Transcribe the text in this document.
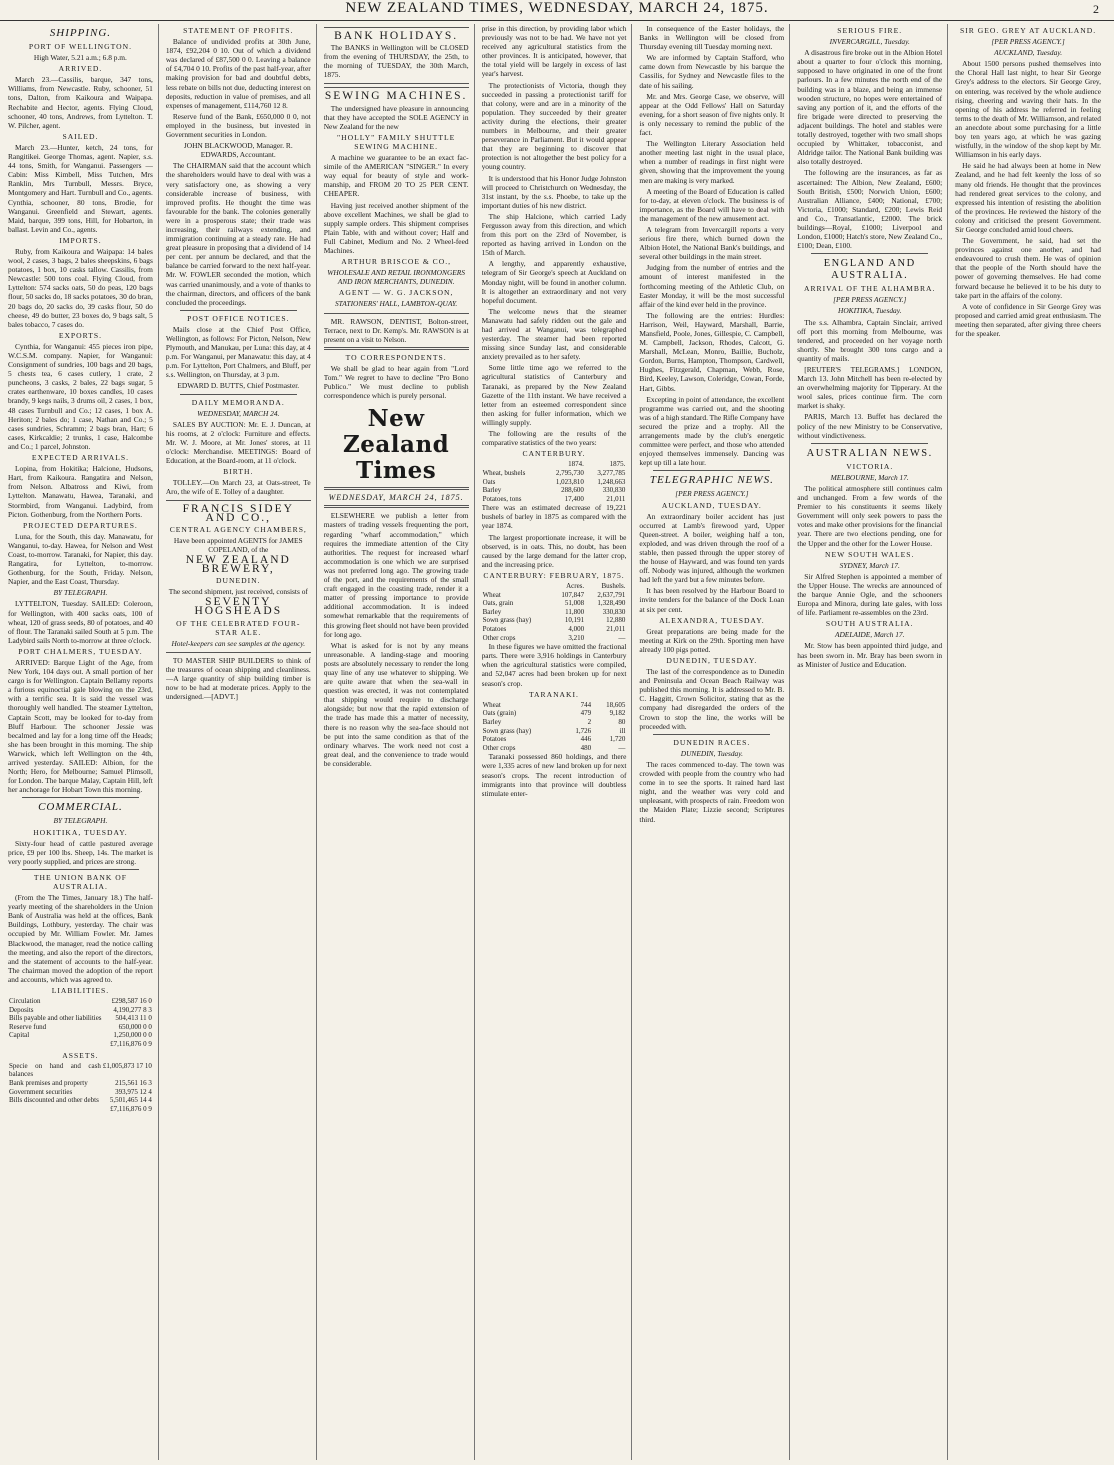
NEW ZEALAND TIMES, WEDNESDAY, MARCH 24, 1875.	2
SHIPPING.
PORT OF WELLINGTON.

High Water, 5.21 a.m.; 6.8 p.m.

ARRIVED.

March 23.—Cassilis, barque, 347 tons, Williams, from Newcastle. Ruby, schooner, 51 tons, Dalton, from Kaikoura and Waipapa. Rechabite and Hector, agents. Flying Cloud, schooner, 40 tons, Andrews, from Lyttelton. T. W. Pilcher, agent.

SAILED.

March 23.—Hunter, ketch, 24 tons, for Rangitikei. George Thomas, agent. Napier, s.s. 44 tons, Smith, for Wanganui. Passengers — Cabin: Miss Kimbell, Miss Tutchen, Mrs Ranklin, Mrs Turnbull, Messrs. Bryce, Montgomery and Hart. Turnbull and Co., agents. Cynthia, schooner, 80 tons, Brodie, for Wanganui. Greenfield and Stewart, agents. Maid, barque, 399 tons, Hill, for Hobarton, in ballast. Levin and Co., agents.

IMPORTS.

Ruby, from Kaikoura and Waipapa: 14 bales wool, 2 cases, 3 bags, 2 bales sheepskins, 6 bags potatoes, 1 box, 10 casks tallow. Cassilis, from Newcastle: 500 tons coal. Flying Cloud, from Lyttelton: 574 sacks oats, 50 do peas, 120 bags flour, 50 sacks do, 18 sacks potatoes, 30 do bran, 20 bags do, 20 sacks do, 39 casks flour, 50 do cheese, 49 do butter, 23 boxes do, 9 bags salt, 5 bales tobacco, 7 cases do.

EXPORTS.

Cynthia, for Wanganui: 455 pieces iron pipe, W.C.S.M. company. Napier, for Wanganui: Consignment of sundries, 100 bags and 20 bags, 5 chests tea, 6 cases cutlery, 1 crate, 2 puncheons, 3 casks, 2 bales, 22 bags sugar, 5 crates earthenware, 10 boxes candles, 10 cases brandy, 9 kegs nails, 3 drums oil, 2 cases, 1 box, 48 cases Turnbull and Co.; 12 cases, 1 box A. Heriton; 2 bales do; 1 case, Nathan and Co.; 5 cases sundries, Schramm; 2 bags bran, Hart; 6 cases, Kirkcaldie; 2 trunks, 1 case, Halcombe and Co.; 1 parcel, Johnston.

EXPECTED ARRIVALS.

Lopina, from Hokitika; Halcione, Hudsons, Hart, from Kaikoura. Rangatira and Nelson, from Nelson. Albatross and Kiwi, from Lyttelton. Manawatu, Hawea, Taranaki, and Stormbird, from Wanganui. Ladybird, from Picton. Gothenburg, from the Northern Ports.

PROJECTED DEPARTURES.

Luna, for the South, this day. Manawatu, for Wanganui, to-day. Hawea, for Nelson and West Coast, to-morrow. Taranaki, for Napier, this day. Rangatira, for Lyttelton, to-morrow. Gothenburg, for the South, Friday. Nelson, Napier, and the East Coast, Thursday.

BY TELEGRAPH.

LYTTELTON, Tuesday. SAILED: Coleroon, for Wellington, with 400 sacks oats, 100 of wheat, 120 of grass seeds, 80 of potatoes, and 40 of flour. The Taranaki sailed South at 5 p.m. The Ladybird sails North to-morrow at three o'clock.

PORT CHALMERS, TUESDAY.

ARRIVED: Barque Light of the Age, from New York, 104 days out. A small portion of her cargo is for Wellington. Captain Bellamy reports a furious equinoctial gale blowing on the 23rd, with a terrific sea. It is said the vessel was thoroughly well handled. The steamer Lyttelton, Captain Scott, may be looked for to-day from Bluff Harbour. The schooner Jessie was becalmed and lay for a long time off the Heads; she has been brought in this morning. The ship Warwick, which left Wellington on the 4th, arrived yesterday. SAILED: Albion, for the North; Hero, for Melbourne; Samuel Plimsoll, for London. The barque Malay, Captain Hill, left her anchorage for Hobart Town this morning.

COMMERCIAL.
BY TELEGRAPH.
HOKITIKA, TUESDAY.

Sixty-four head of cattle pastured average price, £9 per 100 lbs. Sheep, 14s. The market is very poorly supplied, and prices are strong.

THE UNION BANK OF AUSTRALIA.

(From the The Times, January 18.) The half-yearly meeting of the shareholders in the Union Bank of Australia was held at the offices, Bank Buildings, Lothbury, yesterday. The chair was occupied by Mr. William Fowler. Mr. James Blackwood, the manager, read the notice calling the meeting, and also the report of the directors, and the statement of accounts to the half-year. The chairman moved the adoption of the report and accounts, which was agreed to.

LIABILITIES.
Circulation	£298,587 16 0
Deposits	4,190,277 8 3
Bills payable and other liabilities	504,413 11 0
Reserve fund	650,000 0 0
Capital	1,250,000 0 0
	£7,116,876 0 9
ASSETS.
Specie on hand and cash balances	£1,005,873 17 10
Bank premises and property	215,561 16 3
Government securities	393,975 12 4
Bills discounted and other debts	5,501,465 14 4
	£7,116,876 0 9
STATEMENT OF PROFITS.

Balance of undivided profits at 30th June, 1874, £92,204 0 10. Out of which a dividend was declared of £87,500 0 0. Leaving a balance of £4,704 0 10. Profits of the past half-year, after making provision for bad and doubtful debts, less rebate on bills not due, deducting interest on deposits, reduction in value of premises, and all expenses of management, £114,760 12 8.

Reserve fund of the Bank, £650,000 0 0, not employed in the business, but invested in Government securities in London.

JOHN BLACKWOOD, Manager. R. EDWARDS, Accountant.

The CHAIRMAN said that the account which the shareholders would have to deal with was a very satisfactory one, as showing a very considerable increase of business, with improved profits. He thought the time was favourable for the bank. The colonies generally were in a prosperous state; their trade was increasing, their railways extending, and immigration continuing at a steady rate. He had great pleasure in proposing that a dividend of 14 per cent. per annum be declared, and that the balance be carried forward to the next half-year. Mr. W. FOWLER seconded the motion, which was carried unanimously, and a vote of thanks to the chairman, directors, and officers of the bank concluded the proceedings.

POST OFFICE NOTICES.

Mails close at the Chief Post Office, Wellington, as follows: For Picton, Nelson, New Plymouth, and Manukau, per Luna: this day, at 4 p.m. For Wanganui, per Manawatu: this day, at 4 p.m. For Lyttelton, Port Chalmers, and Bluff, per s.s. Wellington, on Thursday, at 3 p.m.

EDWARD D. BUTTS, Chief Postmaster.

DAILY MEMORANDA.
WEDNESDAY, MARCH 24.

SALES BY AUCTION: Mr. E. J. Duncan, at his rooms, at 2 o'clock: Furniture and effects. Mr. W. J. Moore, at Mr. Jones' stores, at 11 o'clock: Merchandise. MEETINGS: Board of Education, at the Board-room, at 11 o'clock.

BIRTH.

TOLLEY.—On March 23, at Oats-street, Te Aro, the wife of E. Tolley of a daughter.

FRANCIS SIDEY AND CO.,
CENTRAL AGENCY CHAMBERS,
Have been appointed AGENTS for JAMES COPELAND, of the
NEW ZEALAND BREWERY,
DUNEDIN.
The second shipment, just received, consists of
SEVENTY HOGSHEADS
OF THE CELEBRATED FOUR-STAR ALE.
Hotel-keepers can see samples at the agency.

TO MASTER SHIP BUILDERS to think of the treasures of ocean shipping and cleanliness.—A large quantity of ship building timber is now to be had at moderate prices. Apply to the undersigned.—[ADVT.]

BANK HOLIDAYS.

The BANKS in Wellington will be CLOSED from the evening of THURSDAY, the 25th, to the morning of TUESDAY, the 30th March, 1875.

SEWING MACHINES.

The undersigned have pleasure in announcing that they have accepted the SOLE AGENCY in New Zealand for the new

"HOLLY" FAMILY SHUTTLE SEWING MACHINE.

A machine we guarantee to be an exact fac-simile of the AMERICAN "SINGER." In every way equal for beauty of style and work-manship, and FROM 20 TO 25 PER CENT. CHEAPER.

Having just received another shipment of the above excellent Machines, we shall be glad to supply sample orders. This shipment comprises Plain Table, with and without cover; Half and Full Cabinet, Medium and No. 2 Wheel-feed Machines.

ARTHUR BRISCOE & CO.,
WHOLESALE AND RETAIL IRONMONGERS AND IRON MERCHANTS, DUNEDIN.
AGENT — W. G. JACKSON,
STATIONERS' HALL, LAMBTON-QUAY.

MR. RAWSON, DENTIST, Bolton-street, Terrace, next to Dr. Kemp's. Mr. RAWSON is at present on a visit to Nelson.

TO CORRESPONDENTS.

We shall be glad to hear again from "Lord Tom." We regret to have to decline "Pro Bono Publico." We must decline to publish correspondence which is purely personal.

New Zealand Times
WEDNESDAY, MARCH 24, 1875.

ELSEWHERE we publish a letter from masters of trading vessels frequenting the port, regarding "wharf accommodation," which requires the immediate attention of the City authorities. The request for increased wharf accommodation is one which we are surprised was not preferred long ago. The growing trade of the port, and the requirements of the small craft engaged in the coasting trade, render it a matter of pressing importance to provide additional accommodation. It is indeed somewhat remarkable that the requirements of this growing fleet should not have been provided for long ago.

What is asked for is not by any means unreasonable. A landing-stage and mooring posts are absolutely necessary to render the long quay line of any use whatever to shipping. We are quite aware that when the sea-wall in question was erected, it was not contemplated that shipping would require to discharge alongside; but now that the rapid extension of the trade has made this a matter of necessity, there is no reason why the sea-face should not be put into the same condition as that of the ordinary wharves. The work need not cost a great deal, and the convenience to trade would be considerable.

prise in this direction, by providing labor which previously was not to be had. We have not yet received any agricultural statistics from the other provinces. It is anticipated, however, that the total yield will be largely in excess of last year's harvest.

The protectionists of Victoria, though they succeeded in passing a protectionist tariff for that colony, were and are in a minority of the population. They succeeded by their greater activity during the elections, their greater numbers in Melbourne, and their greater perseverance in Parliament. But it would appear that they are beginning to discover that protection is not altogether the best policy for a young country.

It is understood that his Honor Judge Johnston will proceed to Christchurch on Wednesday, the 31st instant, by the s.s. Phoebe, to take up the important duties of his new district.

The ship Halcione, which carried Lady Fergusson away from this direction, and which from this port on the 23rd of November, is reported as having arrived in London on the 15th of March.

A lengthy, and apparently exhaustive, telegram of Sir George's speech at Auckland on Monday night, will be found in another column. It is altogether an extraordinary and not very hopeful document.

The welcome news that the steamer Manawatu had safely ridden out the gale and had arrived at Wanganui, was telegraphed yesterday. The steamer had been reported missing since Sunday last, and considerable anxiety prevailed as to her safety.

Some little time ago we referred to the agricultural statistics of Canterbury and Taranaki, as prepared by the New Zealand Gazette of the 11th instant. We have received a letter from an esteemed correspondent since then asking for fuller information, which we willingly supply.

The following are the results of the comparative statistics of the two years:

CANTERBURY.
	1874.	1875.
Wheat, bushels	2,795,730	3,277,785
Oats	1,023,810	1,248,663
Barley	288,600	330,830
Potatoes, tons	17,400	21,011

There was an estimated decrease of 19,221 bushels of barley in 1875 as compared with the year 1874.

The largest proportionate increase, it will be observed, is in oats. This, no doubt, has been caused by the large demand for the latter crop, and the increasing price.

CANTERBURY: FEBRUARY, 1875.
	Acres.	Bushels.
Wheat	107,847	2,637,791
Oats, grain	51,008	1,328,490
Barley	11,800	330,830
Sown grass (hay)	10,191	12,880
Potatoes	4,000	21,011
Other crops	3,210	—

In these figures we have omitted the fractional parts. There were 3,916 holdings in Canterbury when the agricultural statistics were compiled, and 52,047 acres had been broken up for next season's crop.

TARANAKI.
Wheat	744	18,605
Oats (grain)	479	9,182
Barley	2	80
Sown grass (hay)	1,726	ill
Potatoes	446	1,720
Other crops	480	—

Taranaki possessed 860 holdings, and there were 1,335 acres of new land broken up for next season's crops. The recent introduction of immigrants into that province will doubtless stimulate enter-

In consequence of the Easter holidays, the Banks in Wellington will be closed from Thursday evening till Tuesday morning next.

We are informed by Captain Stafford, who came down from Newcastle by his barque the Cassilis, for Sydney and Newcastle files to the date of his sailing.

Mr. and Mrs. George Case, we observe, will appear at the Odd Fellows' Hall on Saturday evening, for a short season of five nights only. It is only necessary to remind the public of the fact.

The Wellington Literary Association held another meeting last night in the usual place, when a number of readings in first night were given, showing that the improvement the young men are making is very marked.

A meeting of the Board of Education is called for to-day, at eleven o'clock. The business is of importance, as the Board will have to deal with the management of the new amusement act.

A telegram from Invercargill reports a very serious fire there, which burned down the Albion Hotel, the National Bank's buildings, and several other buildings in the main street.

Judging from the number of entries and the amount of interest manifested in the forthcoming meeting of the Athletic Club, on Easter Monday, it will be the most successful affair of the kind ever held in the province.

The following are the entries: Hurdles: Harrison, Weil, Hayward, Marshall, Barrie, Mansfield, Poole, Jones, Gillespie, C. Campbell, M. Campbell, Jackson, Rhodes, Calcott, G. Marshall, McLean, Monro, Baillie, Bucholz, Gordon, Burns, Hampton, Thompson, Cardwell, Hughes, Fitzgerald, Chapman, Webb, Rose, Bird, Keeley, Lawson, Coleridge, Cowan, Forde, Hart, Gibbs.

Excepting in point of attendance, the excellent programme was carried out, and the shooting was of a high standard. The Rifle Company have secured the prize and a trophy. All the arrangements made by the club's energetic committee were perfect, and those who attended enjoyed themselves immensely. Dancing was kept up till a late hour.

TELEGRAPHIC NEWS.
[PER PRESS AGENCY.]
AUCKLAND, TUESDAY.

An extraordinary boiler accident has just occurred at Lamb's firewood yard, Upper Queen-street. A boiler, weighing half a ton, exploded, and was driven through the roof of a stable, then passed through the upper storey of the house of Hayward, and was found ten yards off. Nobody was injured, although the workmen had left the yard but a few minutes before.

It has been resolved by the Harbour Board to invite tenders for the balance of the Dock Loan at six per cent.

ALEXANDRA, TUESDAY.

Great preparations are being made for the meeting at Kirk on the 29th. Sporting men have already 100 pigs potted.

DUNEDIN, TUESDAY.

The last of the correspondence as to Dunedin and Peninsula and Ocean Beach Railway was published this morning. It is addressed to Mr. B. C. Haggitt, Crown Solicitor, stating that as the company had disregarded the orders of the Crown to stop the line, the works will be proceeded with.

DUNEDIN RACES.
DUNEDIN, Tuesday.

The races commenced to-day. The town was crowded with people from the country who had come in to see the sports. It rained hard last night, and the weather was very cold and unpleasant, with prospects of rain. Freedom won the Maiden Plate; Lizzie second; Scriptures third.

SERIOUS FIRE.
INVERCARGILL, Tuesday.

A disastrous fire broke out in the Albion Hotel about a quarter to four o'clock this morning, supposed to have originated in one of the front parlours. In a few minutes the north end of the building was in a blaze, and being an immense wooden structure, no hopes were entertained of saving any portion of it, and the efforts of the fire brigade were directed to preserving the adjacent buildings. The hotel and stables were totally destroyed, together with two small shops occupied by Whittaker, tobacconist, and Aldridge tailor. The National Bank building was also totally destroyed.

The following are the insurances, as far as ascertained: The Albion, New Zealand, £600; South British, £500; Norwich Union, £600; Australian Alliance, £400; National, £700; Victoria, £1000; Standard, £200; Lewis Reid and Co., Transatlantic, £2000. The brick buildings—Royal, £1000; Liverpool and London, £1000; Hatch's store, New Zealand Co., £100; Dean, £100.

ENGLAND AND AUSTRALIA.
ARRIVAL OF THE ALHAMBRA.
[PER PRESS AGENCY.]
HOKITIKA, Tuesday.

The s.s. Alhambra, Captain Sinclair, arrived off port this morning from Melbourne, was tendered, and proceeded on her voyage north shortly. She brought 300 tons cargo and a quantity of mails.

[REUTER'S TELEGRAMS.] LONDON, March 13. John Mitchell has been re-elected by an overwhelming majority for Tipperary. At the wool sales, prices continue firm. The corn market is shaky.

PARIS, March 13. Buffet has declared the policy of the new Ministry to be Conservative, without vindictiveness.

AUSTRALIAN NEWS.
VICTORIA.
MELBOURNE, March 17.

The political atmosphere still continues calm and unchanged. From a few words of the Premier to his constituents it seems likely Government will only seek powers to pass the votes and make other provisions for the financial year. There are two elections pending, one for the Upper and the other for the Lower House.

NEW SOUTH WALES.
SYDNEY, March 17.

Sir Alfred Stephen is appointed a member of the Upper House. The wrecks are announced of the barque Annie Ogle, and the schooners Europa and Minora, during late gales, with loss of life. Parliament re-assembles on the 23rd.

SOUTH AUSTRALIA.
ADELAIDE, March 17.

Mr. Stow has been appointed third judge, and has been sworn in. Mr. Bray has been sworn in as Minister of Justice and Education.

SIR GEO. GREY AT AUCKLAND.
[PER PRESS AGENCY.]
AUCKLAND, Tuesday.

About 1500 persons pushed themselves into the Choral Hall last night, to hear Sir George Grey's address to the electors. Sir George Grey, on entering, was received by the whole audience rising, cheering and waving their hats. In the opening of his address he referred in feeling terms to the death of Mr. Williamson, and related an anecdote about some purchasing for a little boy ten years ago, at which he was gazing wistfully, in the window of the shop kept by Mr. Williamson in his early days.

He said he had always been at home in New Zealand, and he had felt keenly the loss of so many old friends. He thought that the provinces had rendered great services to the colony, and expressed his intention of resisting the abolition of the provinces. He reviewed the history of the colony and criticised the present Government. Sir George concluded amid loud cheers.

The Government, he said, had set the provinces against one another, and had endeavoured to crush them. He was of opinion that the people of the North should have the power of governing themselves. He had come forward because he believed it to be his duty to take part in the affairs of the colony.

A vote of confidence in Sir George Grey was proposed and carried amid great enthusiasm. The meeting then separated, after giving three cheers for the speaker.
